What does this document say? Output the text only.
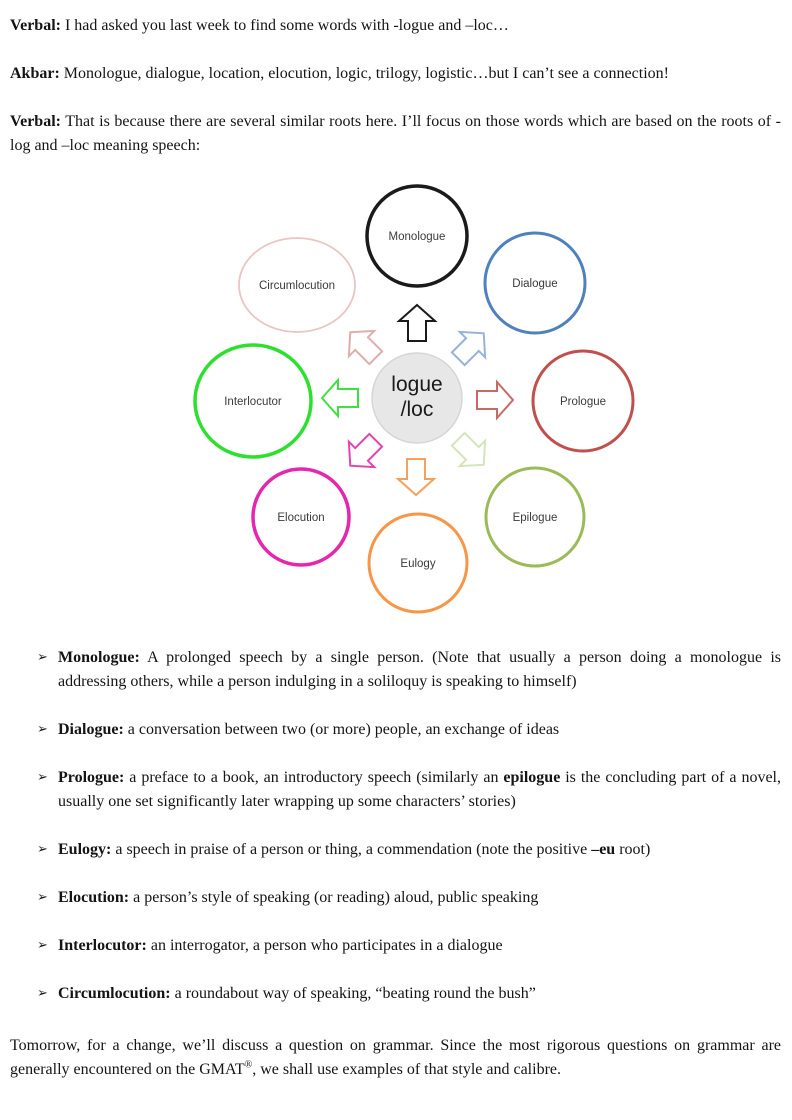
Verbal: I had asked you last week to find some words with -logue and –loc…

Akbar: Monologue, dialogue, location, elocution, logic, trilogy, logistic…but I can’t see a connection!

Verbal: That is because there are several similar roots here. I’ll focus on those words which are based on the roots of -log and –loc meaning speech:

Monologue
Dialogue
Prologue
Epilogue
Eulogy
Elocution
Interlocutor
Circumlocution
logue /loc
➢ Monologue: A prolonged speech by a single person. (Note that usually a person doing a monologue is addressing others, while a person indulging in a soliloquy is speaking to himself)
➢ Dialogue: a conversation between two (or more) people, an exchange of ideas
➢ Prologue: a preface to a book, an introductory speech (similarly an epilogue is the concluding part of a novel, usually one set significantly later wrapping up some characters’ stories)
➢ Eulogy: a speech in praise of a person or thing, a commendation (note the positive –eu root)
➢ Elocution: a person’s style of speaking (or reading) aloud, public speaking
➢ Interlocutor: an interrogator, a person who participates in a dialogue
➢ Circumlocution: a roundabout way of speaking, “beating round the bush”

Tomorrow, for a change, we’ll discuss a question on grammar. Since the most rigorous questions on grammar are generally encountered on the GMAT®, we shall use examples of that style and calibre.
